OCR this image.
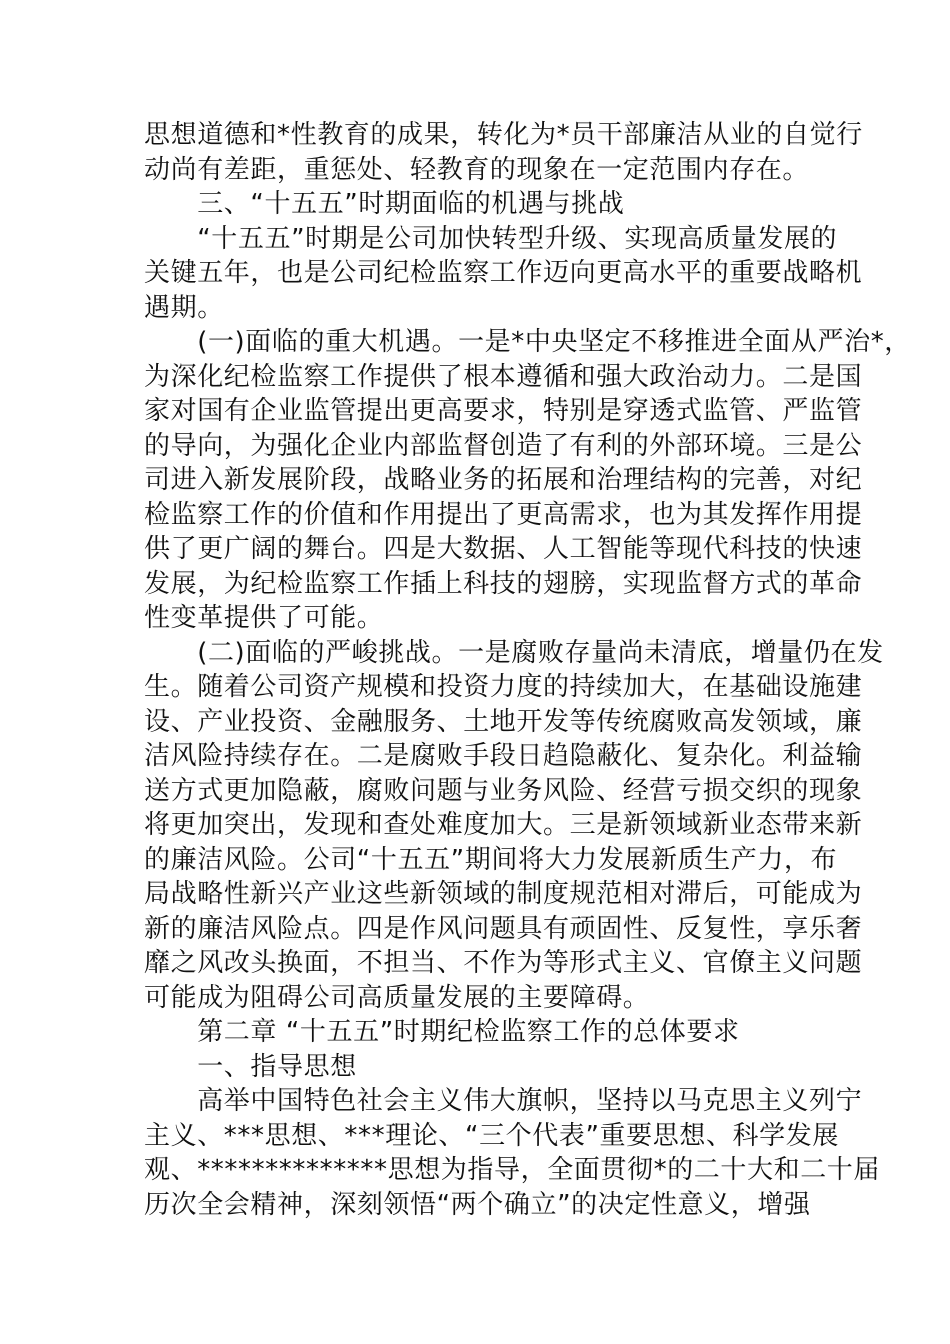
思想道德和*性教育的成果，转化为*员干部廉洁从业的自觉行
动尚有差距，重惩处、轻教育的现象在一定范围内存在。
　　三、“十五五”时期面临的机遇与挑战
　　“十五五”时期是公司加快转型升级、实现高质量发展的
关键五年，也是公司纪检监察工作迈向更高水平的重要战略机
遇期。
　　(一)面临的重大机遇。一是*中央坚定不移推进全面从严治*，
为深化纪检监察工作提供了根本遵循和强大政治动力。二是国
家对国有企业监管提出更高要求，特别是穿透式监管、严监管
的导向，为强化企业内部监督创造了有利的外部环境。三是公
司进入新发展阶段，战略业务的拓展和治理结构的完善，对纪
检监察工作的价值和作用提出了更高需求，也为其发挥作用提
供了更广阔的舞台。四是大数据、人工智能等现代科技的快速
发展，为纪检监察工作插上科技的翅膀，实现监督方式的革命
性变革提供了可能。
　　(二)面临的严峻挑战。一是腐败存量尚未清底，增量仍在发
生。随着公司资产规模和投资力度的持续加大，在基础设施建
设、产业投资、金融服务、土地开发等传统腐败高发领域，廉
洁风险持续存在。二是腐败手段日趋隐蔽化、复杂化。利益输
送方式更加隐蔽，腐败问题与业务风险、经营亏损交织的现象
将更加突出，发现和查处难度加大。三是新领域新业态带来新
的廉洁风险。公司“十五五”期间将大力发展新质生产力，布
局战略性新兴产业这些新领域的制度规范相对滞后，可能成为
新的廉洁风险点。四是作风问题具有顽固性、反复性，享乐奢
靡之风改头换面，不担当、不作为等形式主义、官僚主义问题
可能成为阻碍公司高质量发展的主要障碍。
　　第二章 “十五五”时期纪检监察工作的总体要求
　　一、指导思想
　　高举中国特色社会主义伟大旗帜，坚持以马克思主义列宁
主义、***思想、***理论、“三个代表”重要思想、科学发展
观、**************思想为指导，全面贯彻*的二十大和二十届
历次全会精神，深刻领悟“两个确立”的决定性意义，增强
